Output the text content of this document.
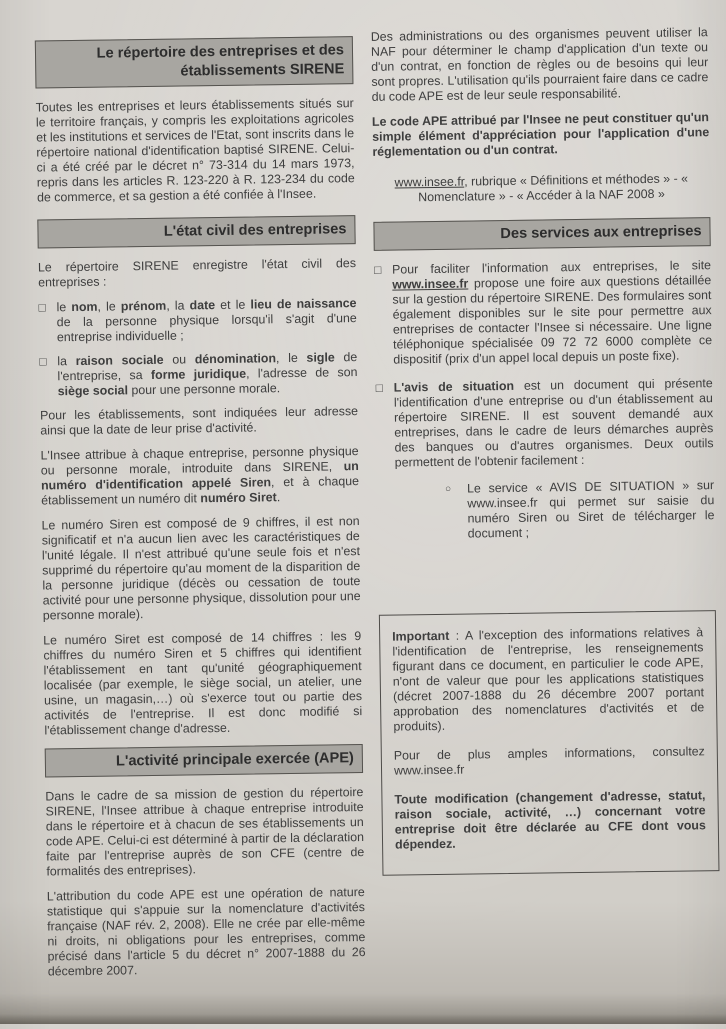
Le répertoire des entreprises et des établissements SIRENE

Toutes les entreprises et leurs établissements situés sur le territoire français, y compris les exploitations agricoles et les institutions et services de l'Etat, sont inscrits dans le répertoire national d'identification baptisé SIRENE. Celui-ci a été créé par le décret n° 73-314 du 14 mars 1973, repris dans les articles R. 123-220 à R. 123-234 du code de commerce, et sa gestion a été confiée à l'Insee.

L'état civil des entreprises

Le répertoire SIRENE enregistre l'état civil des entreprises :

□ le nom, le prénom, la date et le lieu de naissance de la personne physique lorsqu'il s'agit d'une entreprise individuelle ;
□ la raison sociale ou dénomination, le sigle de l'entreprise, sa forme juridique, l'adresse de son siège social pour une personne morale.

Pour les établissements, sont indiquées leur adresse ainsi que la date de leur prise d'activité.

L'Insee attribue à chaque entreprise, personne physique ou personne morale, introduite dans SIRENE, un numéro d'identification appelé Siren, et à chaque établissement un numéro dit numéro Siret.

Le numéro Siren est composé de 9 chiffres, il est non significatif et n'a aucun lien avec les caractéristiques de l'unité légale. Il n'est attribué qu'une seule fois et n'est supprimé du répertoire qu'au moment de la disparition de la personne juridique (décès ou cessation de toute activité pour une personne physique, dissolution pour une personne morale).

Le numéro Siret est composé de 14 chiffres : les 9 chiffres du numéro Siren et 5 chiffres qui identifient l'établissement en tant qu'unité géographiquement localisée (par exemple, le siège social, un atelier, une usine, un magasin,…) où s'exerce tout ou partie des activités de l'entreprise. Il est donc modifié si l'établissement change d'adresse.

L'activité principale exercée (APE)

Dans le cadre de sa mission de gestion du répertoire SIRENE, l'Insee attribue à chaque entreprise introduite dans le répertoire et à chacun de ses établissements un code APE. Celui-ci est déterminé à partir de la déclaration faite par l'entreprise auprès de son CFE (centre de formalités des entreprises).

L'attribution du code APE est une opération de nature statistique qui s'appuie sur la nomenclature d'activités française (NAF rév. 2, 2008). Elle ne crée par elle-même ni droits, ni obligations pour les entreprises, comme précisé dans l'article 5 du décret n° 2007-1888 du 26 décembre 2007.

Des administrations ou des organismes peuvent utiliser la NAF pour déterminer le champ d'application d'un texte ou d'un contrat, en fonction de règles ou de besoins qui leur sont propres. L'utilisation qu'ils pourraient faire dans ce cadre du code APE est de leur seule responsabilité.

Le code APE attribué par l'Insee ne peut constituer qu'un simple élément d'appréciation pour l'application d'une réglementation ou d'un contrat.

www.insee.fr, rubrique « Définitions et méthodes » - « Nomenclature » - « Accéder à la NAF 2008 »

Des services aux entreprises
□ Pour faciliter l'information aux entreprises, le site www.insee.fr propose une foire aux questions détaillée sur la gestion du répertoire SIRENE. Des formulaires sont également disponibles sur le site pour permettre aux entreprises de contacter l'Insee si nécessaire. Une ligne téléphonique spécialisée 09 72 72 6000 complète ce dispositif (prix d'un appel local depuis un poste fixe).
□ L'avis de situation est un document qui présente l'identification d'une entreprise ou d'un établissement au répertoire SIRENE. Il est souvent demandé aux entreprises, dans le cadre de leurs démarches auprès des banques ou d'autres organismes. Deux outils permettent de l'obtenir facilement :
○	Le service « AVIS DE SITUATION » sur www.insee.fr qui permet sur saisie du numéro Siren ou Siret de télécharger le document ;

Important : A l'exception des informations relatives à l'identification de l'entreprise, les renseignements figurant dans ce document, en particulier le code APE, n'ont de valeur que pour les applications statistiques (décret 2007-1888 du 26 décembre 2007 portant approbation des nomenclatures d'activités et de produits).

Pour de plus amples informations, consultez www.insee.fr

Toute modification (changement d'adresse, statut, raison sociale, activité, …) concernant votre entreprise doit être déclarée au CFE dont vous dépendez.
